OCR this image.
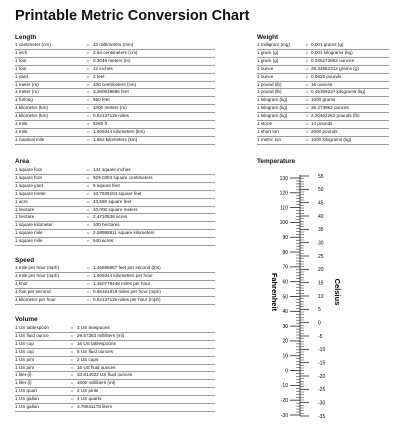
Printable Metric Conversion Chart
Length
1 centimeter (cm)	=	10 millimeters (mm)
1 inch	=	2.54 centimeters (cm)
1 foot	=	0.3048 meters (m)
1 foot	=	12 inches
1 yard	=	3 feet
1 meter (m)	=	100 centimeters (cm)
1 meter (m)	=	3.280839895 feet
1 furlong	=	660 feet
1 kilometer (km)	=	1000 meters (m)
1 kilometer (km)	=	0.62137119 miles
1 mile	=	5280 ft
1 mile	=	1.609344 kilometers (km)
1 nautical mile	=	1.852 kilometers (km)
Area
1 square foot	=	144 square inches
1 square foot	=	929.0304 square centimeters
1 square yard	=	9 square feet
1 square meter	=	10.7639104 square feet
1 acre	=	43,560 square feet
1 hectare	=	10,000 square meters
1 hectare	=	2.4710538 acres
1 square kilometer	=	100 hectares
1 square mile	=	2.58998811 square kilometers
1 square mile	=	640 acres
Speed
1 mile per hour (mph)	=	1.46666667 feet per second (fps)
1 mile per hour (mph)	=	1.609344 kilometers per hour
1 knot	=	1.150779448 miles per hour
1 foot per second	=	0.68181818 miles per hour (mph)
1 kilometer per hour	=	0.62137119 miles per hour (mph)
Volume
1 US tablespoon	=	3 US teaspoons
1 US fluid ounce	=	29.57353 milliliters (ml)
1 US cup	=	16 US tablespoons
1 US cup	=	8 US fluid ounces
1 US pint	=	2 US cups
1 US pint	=	16 US fluid ounces
1 liter (l)	=	33.814022 US fluid ounces
1 liter (l)	=	1000 milliliters (ml)
1 US quart	=	2 US pints
1 US gallon	=	4 US quarts
1 US gallon	=	3.78541178 liters
Weight
1 milligram (mg)	=	0.001 grams (g)
1 gram (g)	=	0.001 kilograms (kg)
1 gram (g)	=	0.035273962 ounces
1 ounce	=	28.34952312 grams (g)
1 ounce	=	0.0625 pounds
1 pound (lb)	=	16 ounces
1 pound (lb)	=	0.45359237 kilograms (kg)
1 kilogram (kg)	=	1000 grams
1 kilogram (kg)	=	35.273962 ounces
1 kilogram (kg)	=	2.20462262 pounds (lb)
1 stone	=	14 pounds
1 short ton	=	2000 pounds
1 metric ton	=	1000 kilograms (kg)
Temperature
130
120
110
100
90
80
70
60
50
40
30
20
10
0
-10
-20
-30
55
50
45
40
35
30
25
20
15
10
5
0
-5
-10
-15
-20
-25
-30
-35
Fahrenheit	Celsius
